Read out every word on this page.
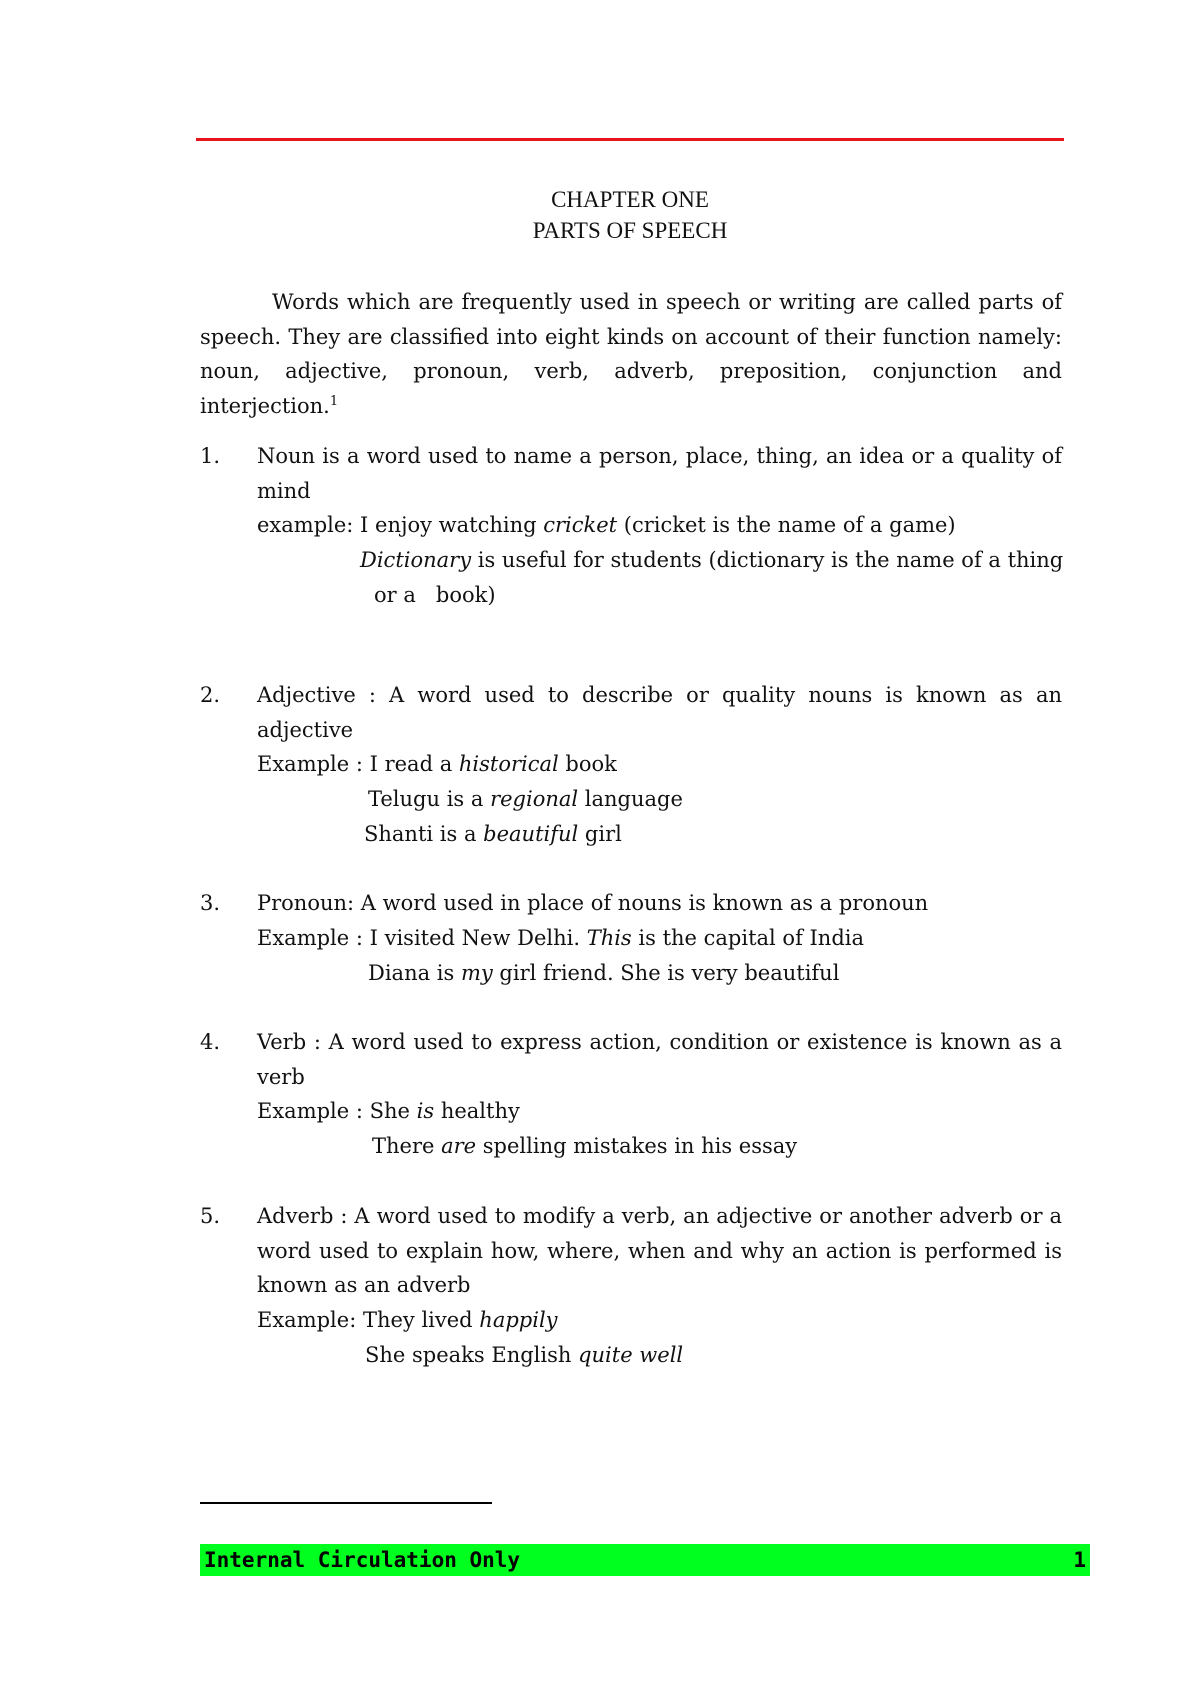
CHAPTER ONE
PARTS OF SPEECH
Words which are frequently used in speech or writing are called parts of speech. They are classified into eight kinds on account of their function namely: noun, adjective, pronoun, verb, adverb, preposition, conjunction and interjection.$^1$
1. Noun is a word used to name a person, place, thing, an idea or a quality of mind
example: I enjoy watching cricket (cricket is the name of a game)
Dictionary is useful for students (dictionary is the name of a thing
or a   book)
2. Adjective : A word used to describe or quality nouns is known as an adjective
Example : I read a historical book
Telugu is a regional language
Shanti is a beautiful girl
3. Pronoun: A word used in place of nouns is known as a pronoun
Example : I visited New Delhi. This is the capital of India
Diana is my girl friend. She is very beautiful
4. Verb : A word used to express action, condition or existence is known as a verb
Example : She is healthy
There are spelling mistakes in his essay
5. Adverb : A word used to modify a verb, an adjective or another adverb or a word used to explain how, where, when and why an action is performed is known as an adverb
Example: They lived happily
She speaks English quite well
Internal Circulation Only	1
